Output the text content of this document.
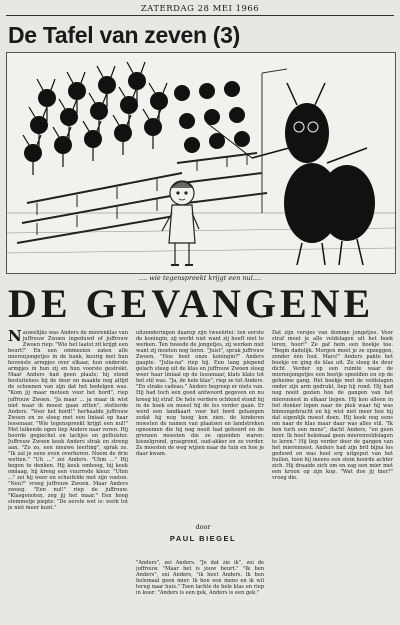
ZATERDAG 28 MEI 1966
De Tafel van zeven (3)
.... wie tegenspreekt krijgt een nul....
DE GEVANGENE
Nauwelijks was Anders de mierenklas van juffrouw Zwoen ingeduwd of juffrouw Zwoen riep: "Wie het laatst zit krijgt een beurt!" En een ommezien zaten alle mierenjongetjes in de bank, keurig met hun bovenste armpjes over elkaar, hun onderste armpjes in hun zij en hun voorste gestrekt. Maar Anders had geen plaats; hij stond besluiteloos bij de deur en maakte nog altijd de schoenen van zijn dat het bedelgen was. "Kom jij maar meteen voor het bord", riep juffrouw Zwoen. "Ja maar ... ja maar ik wist niet waar ik moest gaan zitten", stotterde Anders. "Voor het bord!" herhaalde juffrouw Zwoen en ze sloeg met een liniaal op haar lessenaar. "Wie tegenspreekt krijgt een nul!" Met luikende ogen liep Anders naar voren. Hij hoorde gegiechel en lachjes en gefluister. Juffrouw Zwoen keek Anders strak en streng aan. "Zo zo, een nieuwe leerling", sprak ze. "Ik zal je eens even overhoren. Noem de drie wetten." "Uh ..." zei Anders. "Uhm ..." Hij begon te denken. Hij keek omhoog, hij keek omlaag, hij kreeg een vuurrode kleur. "Uhm ..." zei hij weer en schuifelde met zijn voeten. "Nou?" vroeg juffrouw Zwoen. Maar Anders zweeg. "Een nul!" riep de juffrouw. "Klasgenoten, zeg jij het maar." Een hoog stemmetje piepte: "De eerste wet is: werk tot je niet meer kunt."
uitzonderingen daarop zijn tweeërlei: ten eerste de koningin, zij werkt niet want zij hoeft niet te werken. Ten tweede de jongetjes, zij werken niet want zij moeten nog leren. "Juist", sprak juffrouw Zwoen. "Hoe heet onze koningin?" Anders gaapte. "Julia-na" riep hij. Een lang piepend gelach steeg uit de klas en juffrouw Zwoen sloeg weer haar liniaal op de lessenaar, klats klats tot het stil was. "Ja, de hele klas", riep ze tot Anders. "En straks cadeau." Anders begreep er niets van. Hij had toch een goed antwoord gegeven en nu kreeg hij straf. De hele verdere ochtend stond hij in de hoek en moest hij de les verder gaan. Er werd een landkaart voor het bord gehangen zodat hij nog hoog kon zien, de kinderen moesten de namen van plaatsen en landstreken opnoemen die hij nog nooit had gehoord en de grenzen moesten die ze opzeiden waren: kiezelgrond, grasgrond, oud-akker en zo verder. Ze moesten de weg wijzen naar de tuin en hoe je daar kwam.
door
PAUL BIEGEL
"Anders", zei Anders. "Je dat zie ik", zei de juffrouw. "Maar het is jouw beurt." "Ik ben Anders", zei Anders, "ik heet Anders. Ik ben helemaal geen mier. Ik ben een mens en ik wil terug naar huis." Toen lachte de hele klas en riep in koor: "Anders is een gek, Anders is een gek."
Dat zijn versjes van domme jongetjes. Voor straf moet je alle veldslagen uit het boek leren, hoor!" Ze gaf hem een boekje toe. "Begin dadelijk. Morgen moet je ze opzeggen, zonder één fout. Mars!" Anders pakte het boekje en ging de klas uit. Zo sloeg de deur dicht. Verder op een ruimte waar de mierenjongetjes een beetje speelden en op de geheime gang. Het boekje met de veldslagen onder zijn arm gedrukt, liep hij rond. Hij had nog nooit gezien hoe de gangen van het mierennest in elkaar liepen. Hij kon alleen in het donker lopen naar de plek waar hij was binnengebracht en hij wist niet meer hoe hij dat eigenlijk moest doen. Hij keek nog eens om naar de klas maar daar was alles stil. "Ik ben toch een mens", dacht Anders, "en geen mier. Ik hoef helemaal geen mierenveldslagen te leren." Hij liep verder door de gangen van het mierennest. Anders had zijn bril bijna los geduwd en was heel erg uitgeput van het huilen, toen hij ineens een stem hoorde achter zich. Hij draaide zich om en zag een mier met een kroon op zijn kop. "Wat doe jij hier?" vroeg die.
